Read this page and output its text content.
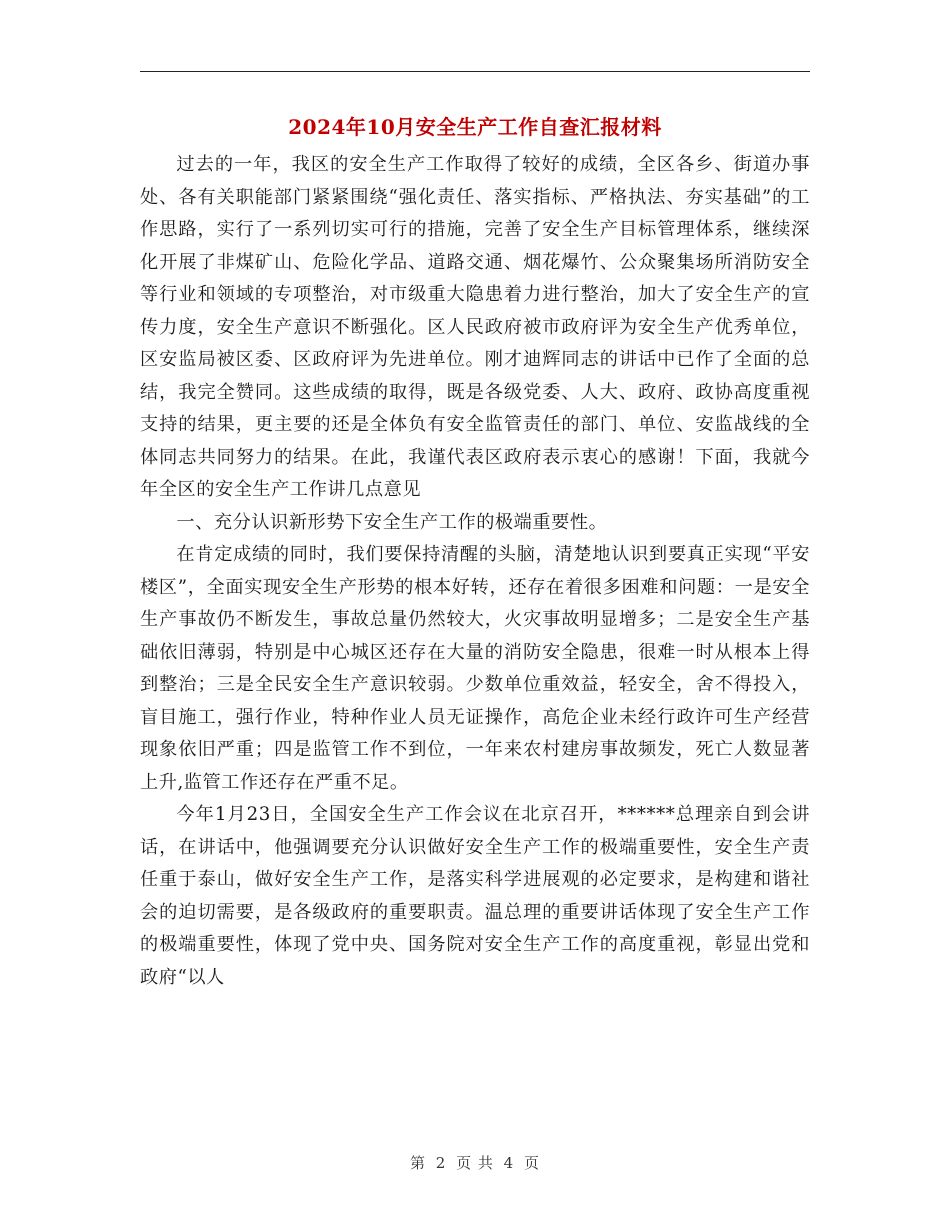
2024年10月安全生产工作自查汇报材料

过去的一年，我区的安全生产工作取得了较好的成绩，全区各乡、街道办事处、各有关职能部门紧紧围绕“强化责任、落实指标、严格执法、夯实基础”的工作思路，实行了一系列切实可行的措施，完善了安全生产目标管理体系，继续深化开展了非煤矿山、危险化学品、道路交通、烟花爆竹、公众聚集场所消防安全等行业和领域的专项整治，对市级重大隐患着力进行整治，加大了安全生产的宣传力度，安全生产意识不断强化。区人民政府被市政府评为安全生产优秀单位，区安监局被区委、区政府评为先进单位。刚才迪辉同志的讲话中已作了全面的总结，我完全赞同。这些成绩的取得，既是各级党委、人大、政府、政协高度重视支持的结果，更主要的还是全体负有安全监管责任的部门、单位、安监战线的全体同志共同努力的结果。在此，我谨代表区政府表示衷心的感谢！下面，我就今年全区的安全生产工作讲几点意见

一、充分认识新形势下安全生产工作的极端重要性。

在肯定成绩的同时，我们要保持清醒的头脑，清楚地认识到要真正实现“平安楼区”，全面实现安全生产形势的根本好转，还存在着很多困难和问题：一是安全生产事故仍不断发生，事故总量仍然较大，火灾事故明显增多；二是安全生产基础依旧薄弱，特别是中心城区还存在大量的消防安全隐患，很难一时从根本上得到整治；三是全民安全生产意识较弱。少数单位重效益，轻安全，舍不得投入，盲目施工，强行作业，特种作业人员无证操作，高危企业未经行政许可生产经营现象依旧严重；四是监管工作不到位，一年来农村建房事故频发，死亡人数显著上升,监管工作还存在严重不足。

今年1月23日，全国安全生产工作会议在北京召开，******总理亲自到会讲话，在讲话中，他强调要充分认识做好安全生产工作的极端重要性，安全生产责任重于泰山，做好安全生产工作，是落实科学进展观的必定要求，是构建和谐社会的迫切需要，是各级政府的重要职责。温总理的重要讲话体现了安全生产工作的极端重要性，体现了党中央、国务院对安全生产工作的高度重视，彰显出党和政府“以人

第 2 页 共 4 页
